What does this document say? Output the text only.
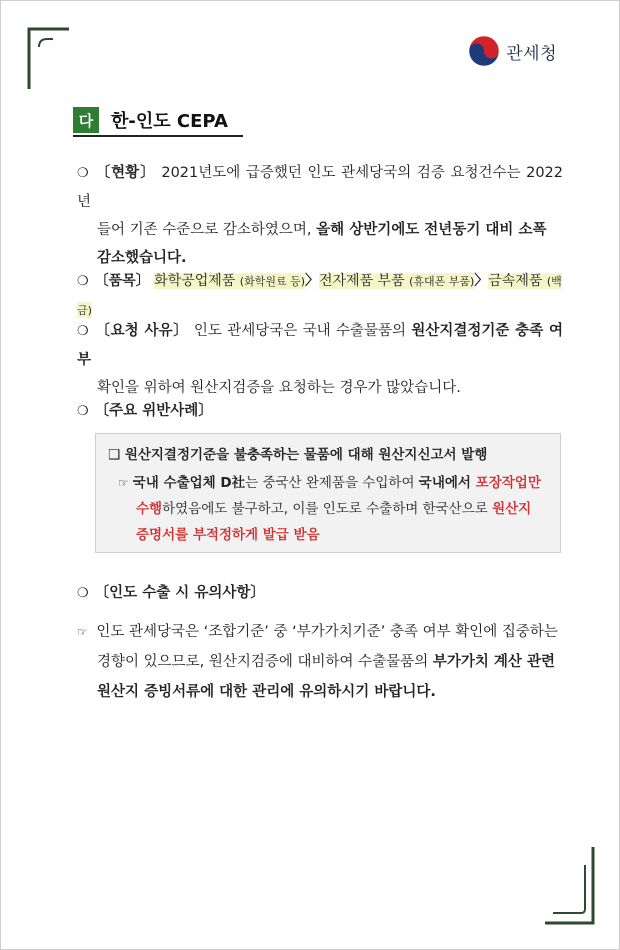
관세청
다 한-인도 CEPA
❍ 〔현황〕 2021년도에 급증했던 인도 관세당국의 검증 요청건수는 2022년
들어 기존 수준으로 감소하였으며, 올해 상반기에도 전년동기 대비 소폭
감소했습니다.
❍ 〔품목〕 화학공업제품 (화학원료 등)〉전자제품 부품 (휴대폰 부품)〉금속제품 (백금)
❍ 〔요청 사유〕 인도 관세당국은 국내 수출물품의 원산지결정기준 충족 여부
확인을 위하여 원산지검증을 요청하는 경우가 많았습니다.
❍ 〔주요 위반사례〕
❑ 원산지결정기준을 불충족하는 물품에 대해 원산지신고서 발행
☞ 국내 수출업체 D社는 중국산 완제품을 수입하여 국내에서 포장작업만 수행하였음에도 불구하고, 이를 인도로 수출하며 한국산으로 원산지 증명서를 부적정하게 발급 받음
❍ 〔인도 수출 시 유의사항〕
☞ 인도 관세당국은 ‘조합기준’ 중 ‘부가가치기준’ 충족 여부 확인에 집중하는
경향이 있으므로, 원산지검증에 대비하여 수출물품의 부가가치 계산 관련
원산지 증빙서류에 대한 관리에 유의하시기 바랍니다.
